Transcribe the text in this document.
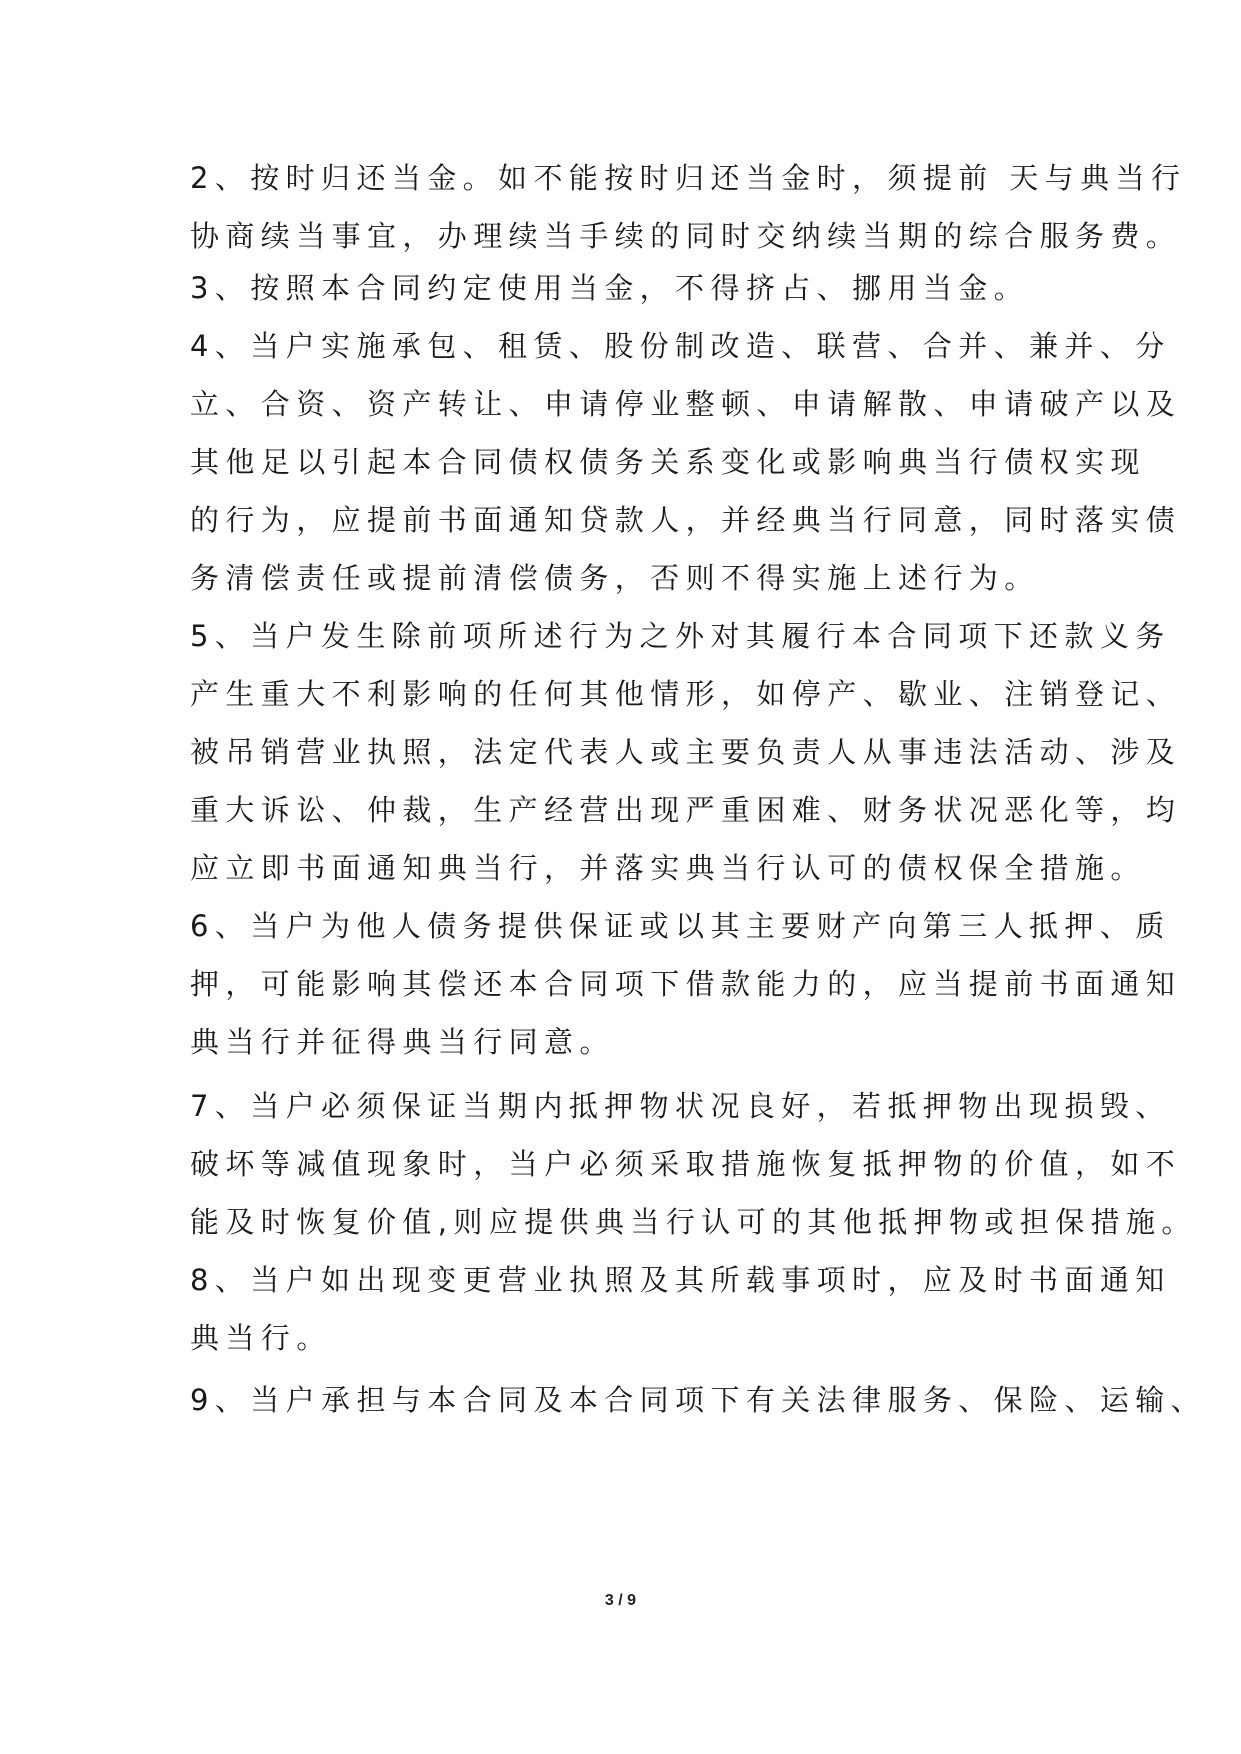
2、按时归还当金。如不能按时归还当金时，须提前 天与典当行
协商续当事宜，办理续当手续的同时交纳续当期的综合服务费。
3、按照本合同约定使用当金，不得挤占、挪用当金。
4、当户实施承包、租赁、股份制改造、联营、合并、兼并、分
立、合资、资产转让、申请停业整顿、申请解散、申请破产以及
其他足以引起本合同债权债务关系变化或影响典当行债权实现
的行为，应提前书面通知贷款人，并经典当行同意，同时落实债
务清偿责任或提前清偿债务，否则不得实施上述行为。
5、当户发生除前项所述行为之外对其履行本合同项下还款义务
产生重大不利影响的任何其他情形，如停产、歇业、注销登记、
被吊销营业执照，法定代表人或主要负责人从事违法活动、涉及
重大诉讼、仲裁，生产经营出现严重困难、财务状况恶化等，均
应立即书面通知典当行，并落实典当行认可的债权保全措施。
6、当户为他人债务提供保证或以其主要财产向第三人抵押、质
押，可能影响其偿还本合同项下借款能力的，应当提前书面通知
典当行并征得典当行同意。
7、当户必须保证当期内抵押物状况良好，若抵押物出现损毁、
破坏等减值现象时，当户必须采取措施恢复抵押物的价值，如不
能及时恢复价值,则应提供典当行认可的其他抵押物或担保措施。
8、当户如出现变更营业执照及其所载事项时，应及时书面通知
典当行。
9、当户承担与本合同及本合同项下有关法律服务、保险、运输、
3 / 9
